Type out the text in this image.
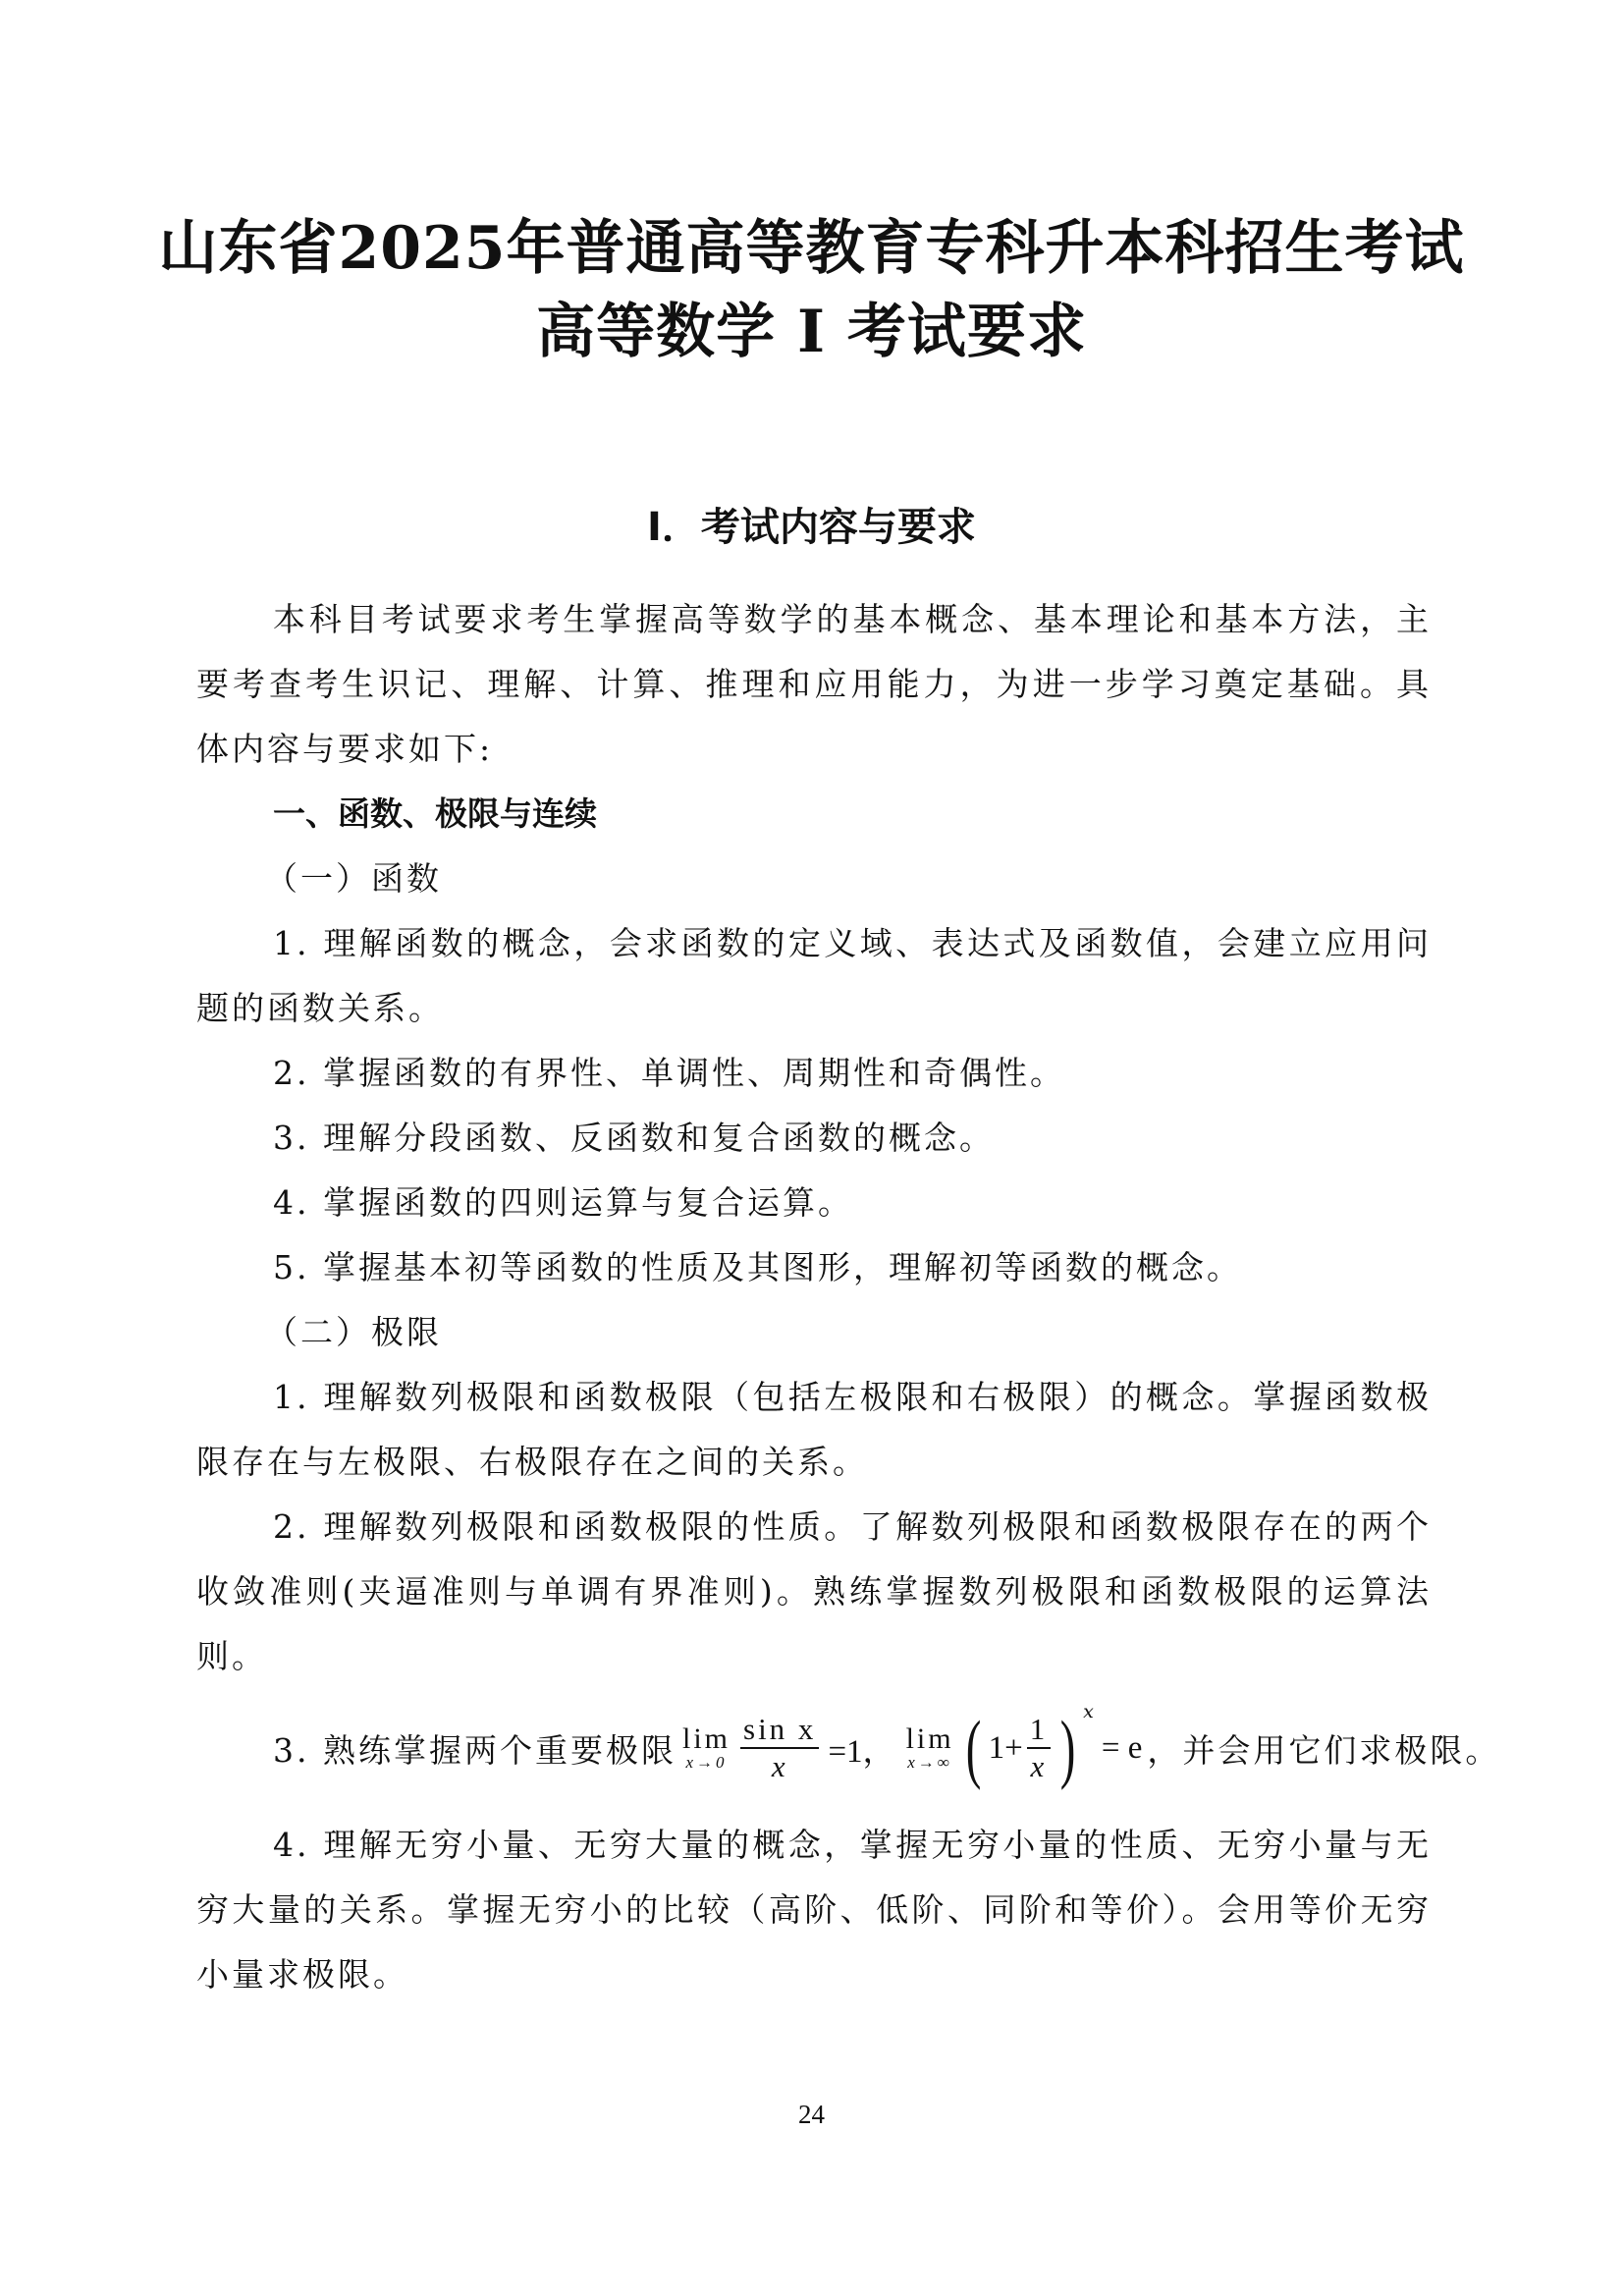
山东省2025年普通高等教育专科升本科招生考试
高等数学 I 考试要求
I．考试内容与要求
本科目考试要求考生掌握高等数学的基本概念、基本理论和基本方法，主要考查考生识记、理解、计算、推理和应用能力，为进一步学习奠定基础。具体内容与要求如下:
一、函数、极限与连续
（一）函数
1. 理解函数的概念，会求函数的定义域、表达式及函数值，会建立应用问题的函数关系。
2. 掌握函数的有界性、单调性、周期性和奇偶性。
3. 理解分段函数、反函数和复合函数的概念。
4. 掌握函数的四则运算与复合运算。
5. 掌握基本初等函数的性质及其图形，理解初等函数的概念。
（二）极限
1. 理解数列极限和函数极限（包括左极限和右极限）的概念。掌握函数极限存在与左极限、右极限存在之间的关系。
2. 理解数列极限和函数极限的性质。了解数列极限和函数极限存在的两个收敛准则(夹逼准则与单调有界准则)。熟练掌握数列极限和函数极限的运算法则。
3. 熟练掌握两个重要极限 lim
$x\to 0 \frac{\text{sin x}}{x} =1$， lim
x→∞ ( $1+ \frac{1}{x}$ ) x
= e ，并会用它们求极限。
4. 理解无穷小量、无穷大量的概念，掌握无穷小量的性质、无穷小量与无穷大量的关系。掌握无穷小的比较（高阶、低阶、同阶和等价）。会用等价无穷小量求极限。
24
